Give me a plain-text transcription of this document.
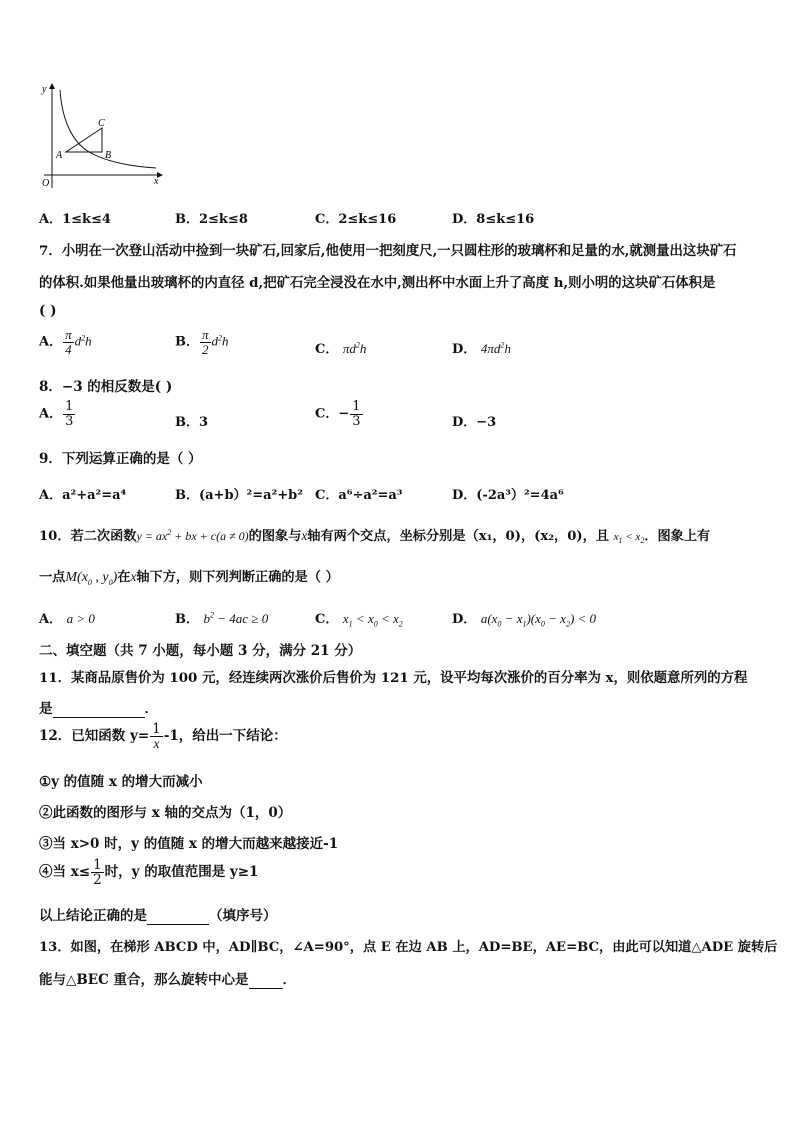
y
x
O
A	B
C
A．1≤k≤4	B．2≤k≤8	C．2≤k≤16	D．8≤k≤16
7．小明在一次登山活动中捡到一块矿石,回家后,他使用一把刻度尺,一只圆柱形的玻璃杯和足量的水,就测量出这块矿石
的体积.如果他量出玻璃杯的内直径 d,把矿石完全浸没在水中,测出杯中水面上升了高度 h,则小明的这块矿石体积是
( )
A． $\frac{\pi}{4} d^2h$	B． $\frac{\pi}{2} d^2h$
C． $\pi d^2h$	D． $4\pi d^2h$
8．−3 的相反数是( )
A． $\frac{1}{3}$	B．3
C．− $\frac{1}{3}$	D．−3
9．下列运算正确的是（ ）
A．a²+a²=a⁴	B．(a+b）²=a²+b² C．a⁶÷a²=a³	D．(-2a³）²=4a⁶
10．若二次函数$y = ax^2$ + bx + c(a ≠ 0)的图象与x轴有两个交点，坐标分别是（x₁，0)，(x₂，0)，且 $x_1 < x_2$．图象上有
一点$M(x_0$ , $y_0$)在x轴下方，则下列判断正确的是（ ）
A． a > 0	B． $b^2 - 4ac \ge 0$	C． $x_1 < x_0 < x_2$	D． $a(x_0 - x_1)(x_0 - x_2) < 0$
二、填空题（共 7 小题，每小题 3 分，满分 21 分）
11．某商品原售价为 100 元，经连续两次涨价后售价为 121 元，设平均每次涨价的百分率为 x，则依题意所列的方程
是	．
12．已知函数 $y= \frac{1}{x} -1$，给出一下结论：
①y 的值随 x 的增大而减小
②此函数的图形与 x 轴的交点为（1，0）
③当 x>0 时，y 的值随 x 的增大而越来越接近-1
④当 $x\le \frac{1}{2}$ 时，y 的取值范围是 y≥1
以上结论正确的是	（填序号）
13．如图，在梯形 ABCD 中，AD∥BC，∠A=90°，点 E 在边 AB 上，AD=BE，AE=BC，由此可以知道△ADE 旋转后
能与△BEC 重合，那么旋转中心是	．
